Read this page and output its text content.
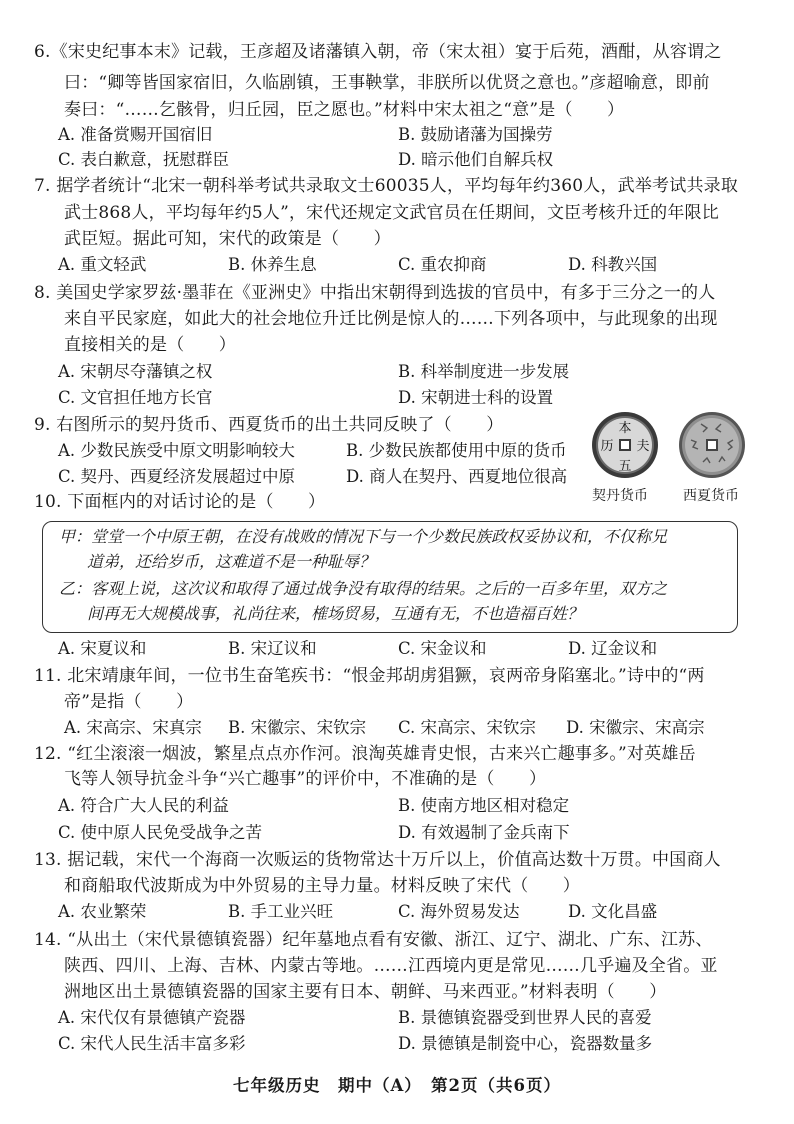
6.《宋史纪事本末》记载，王彦超及诸藩镇入朝，帝（宋太祖）宴于后苑，酒酣，从容谓之
曰：“卿等皆国家宿旧，久临剧镇，王事鞅掌，非朕所以优贤之意也。”彦超喻意，即前
奏曰：“……乞骸骨，归丘园，臣之愿也。”材料中宋太祖之“意”是（　　）
A. 准备赏赐开国宿旧	B. 鼓励诸藩为国操劳
C. 表白歉意，抚慰群臣	D. 暗示他们自解兵权
7. 据学者统计“北宋一朝科举考试共录取文士60035人，平均每年约360人，武举考试共录取
武士868人，平均每年约5人”，宋代还规定文武官员在任期间，文臣考核升迁的年限比
武臣短。据此可知，宋代的政策是（　　）
A. 重文轻武	B. 休养生息	C. 重农抑商	D. 科教兴国
8. 美国史学家罗兹·墨菲在《亚洲史》中指出宋朝得到选拔的官员中，有多于三分之一的人
来自平民家庭，如此大的社会地位升迁比例是惊人的……下列各项中，与此现象的出现
直接相关的是（　　）
A. 宋朝尽夺藩镇之权	B. 科举制度进一步发展
C. 文官担任地方长官	D. 宋朝进士科的设置
9. 右图所示的契丹货币、西夏货币的出土共同反映了（　　）
A. 少数民族受中原文明影响较大	B. 少数民族都使用中原的货币
C. 契丹、西夏经济发展超过中原	D. 商人在契丹、西夏地位很高
本
夫
五
历
契丹货币	西夏货币
10. 下面框内的对话讨论的是（　　）
甲：堂堂一个中原王朝，在没有战败的情况下与一个少数民族政权妥协议和，不仅称兄
道弟，还给岁币，这难道不是一种耻辱？
乙：客观上说，这次议和取得了通过战争没有取得的结果。之后的一百多年里，双方之
间再无大规模战事，礼尚往来，榷场贸易，互通有无，不也造福百姓？
A. 宋夏议和	B. 宋辽议和	C. 宋金议和	D. 辽金议和
11. 北宋靖康年间，一位书生奋笔疾书：“恨金邦胡虏猖獗，哀两帝身陷塞北。”诗中的“两
帝”是指（　　）
A. 宋高宗、宋真宗 B. 宋徽宗、宋钦宗 C. 宋高宗、宋钦宗 D. 宋徽宗、宋高宗
12. “红尘滚滚一烟波，繁星点点亦作河。浪淘英雄青史恨，古来兴亡趣事多。”对英雄岳
飞等人领导抗金斗争“兴亡趣事”的评价中，不准确的是（　　）
A. 符合广大人民的利益	B. 使南方地区相对稳定
C. 使中原人民免受战争之苦	D. 有效遏制了金兵南下
13. 据记载，宋代一个海商一次贩运的货物常达十万斤以上，价值高达数十万贯。中国商人
和商船取代波斯成为中外贸易的主导力量。材料反映了宋代（　　）
A. 农业繁荣	B. 手工业兴旺	C. 海外贸易发达	D. 文化昌盛
14. “从出土（宋代景德镇瓷器）纪年墓地点看有安徽、浙江、辽宁、湖北、广东、江苏、
陕西、四川、上海、吉林、内蒙古等地。……江西境内更是常见……几乎遍及全省。亚
洲地区出土景德镇瓷器的国家主要有日本、朝鲜、马来西亚。”材料表明（　　）
A. 宋代仅有景德镇产瓷器	B. 景德镇瓷器受到世界人民的喜爱
C. 宋代人民生活丰富多彩	D. 景德镇是制瓷中心，瓷器数量多
七年级历史　期中（A）　第2页（共6页）
